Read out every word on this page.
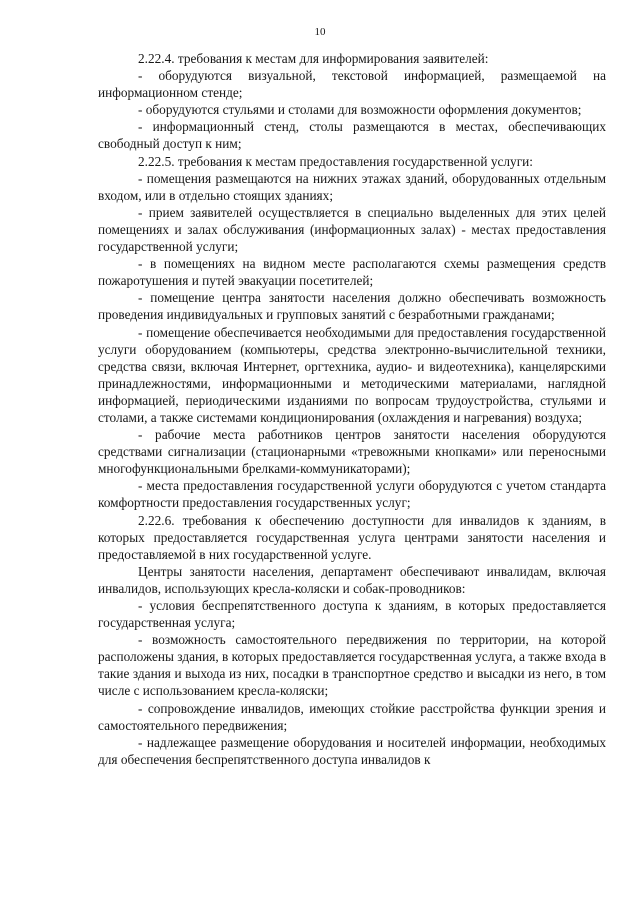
10

2.22.4. требования к местам для информирования заявителей:

- оборудуются визуальной, текстовой информацией, размещаемой на информационном стенде;

- оборудуются стульями и столами для возможности оформления документов;

- информационный стенд, столы размещаются в местах, обеспечивающих свободный доступ к ним;

2.22.5. требования к местам предоставления государственной услуги:

- помещения размещаются на нижних этажах зданий, оборудованных отдельным входом, или в отдельно стоящих зданиях;

- прием заявителей осуществляется в специально выделенных для этих целей помещениях и залах обслуживания (информационных залах) - местах предоставления государственной услуги;

- в помещениях на видном месте располагаются схемы размещения средств пожаротушения и путей эвакуации посетителей;

- помещение центра занятости населения должно обеспечивать возможность проведения индивидуальных и групповых занятий с безработными гражданами;

- помещение обеспечивается необходимыми для предоставления государственной услуги оборудованием (компьютеры, средства электронно-вычислительной техники, средства связи, включая Интернет, оргтехника, аудио- и видеотехника), канцелярскими принадлежностями, информационными и методическими материалами, наглядной информацией, периодическими изданиями по вопросам трудоустройства, стульями и столами, а также системами кондиционирования (охлаждения и нагревания) воздуха;

- рабочие места работников центров занятости населения оборудуются средствами сигнализации (стационарными «тревожными кнопками» или переносными многофункциональными брелками-коммуникаторами);

- места предоставления государственной услуги оборудуются с учетом стандарта комфортности предоставления государственных услуг;

2.22.6. требования к обеспечению доступности для инвалидов к зданиям, в которых предоставляется государственная услуга центрами занятости населения и предоставляемой в них государственной услуге.

Центры занятости населения, департамент обеспечивают инвалидам, включая инвалидов, использующих кресла-коляски и собак-проводников:

- условия беспрепятственного доступа к зданиям, в которых предоставляется государственная услуга;

- возможность самостоятельного передвижения по территории, на которой расположены здания, в которых предоставляется государственная услуга, а также входа в такие здания и выхода из них, посадки в транспортное средство и высадки из него, в том числе с использованием кресла-коляски;

- сопровождение инвалидов, имеющих стойкие расстройства функции зрения и самостоятельного передвижения;

- надлежащее размещение оборудования и носителей информации, необходимых для обеспечения беспрепятственного доступа инвалидов к
